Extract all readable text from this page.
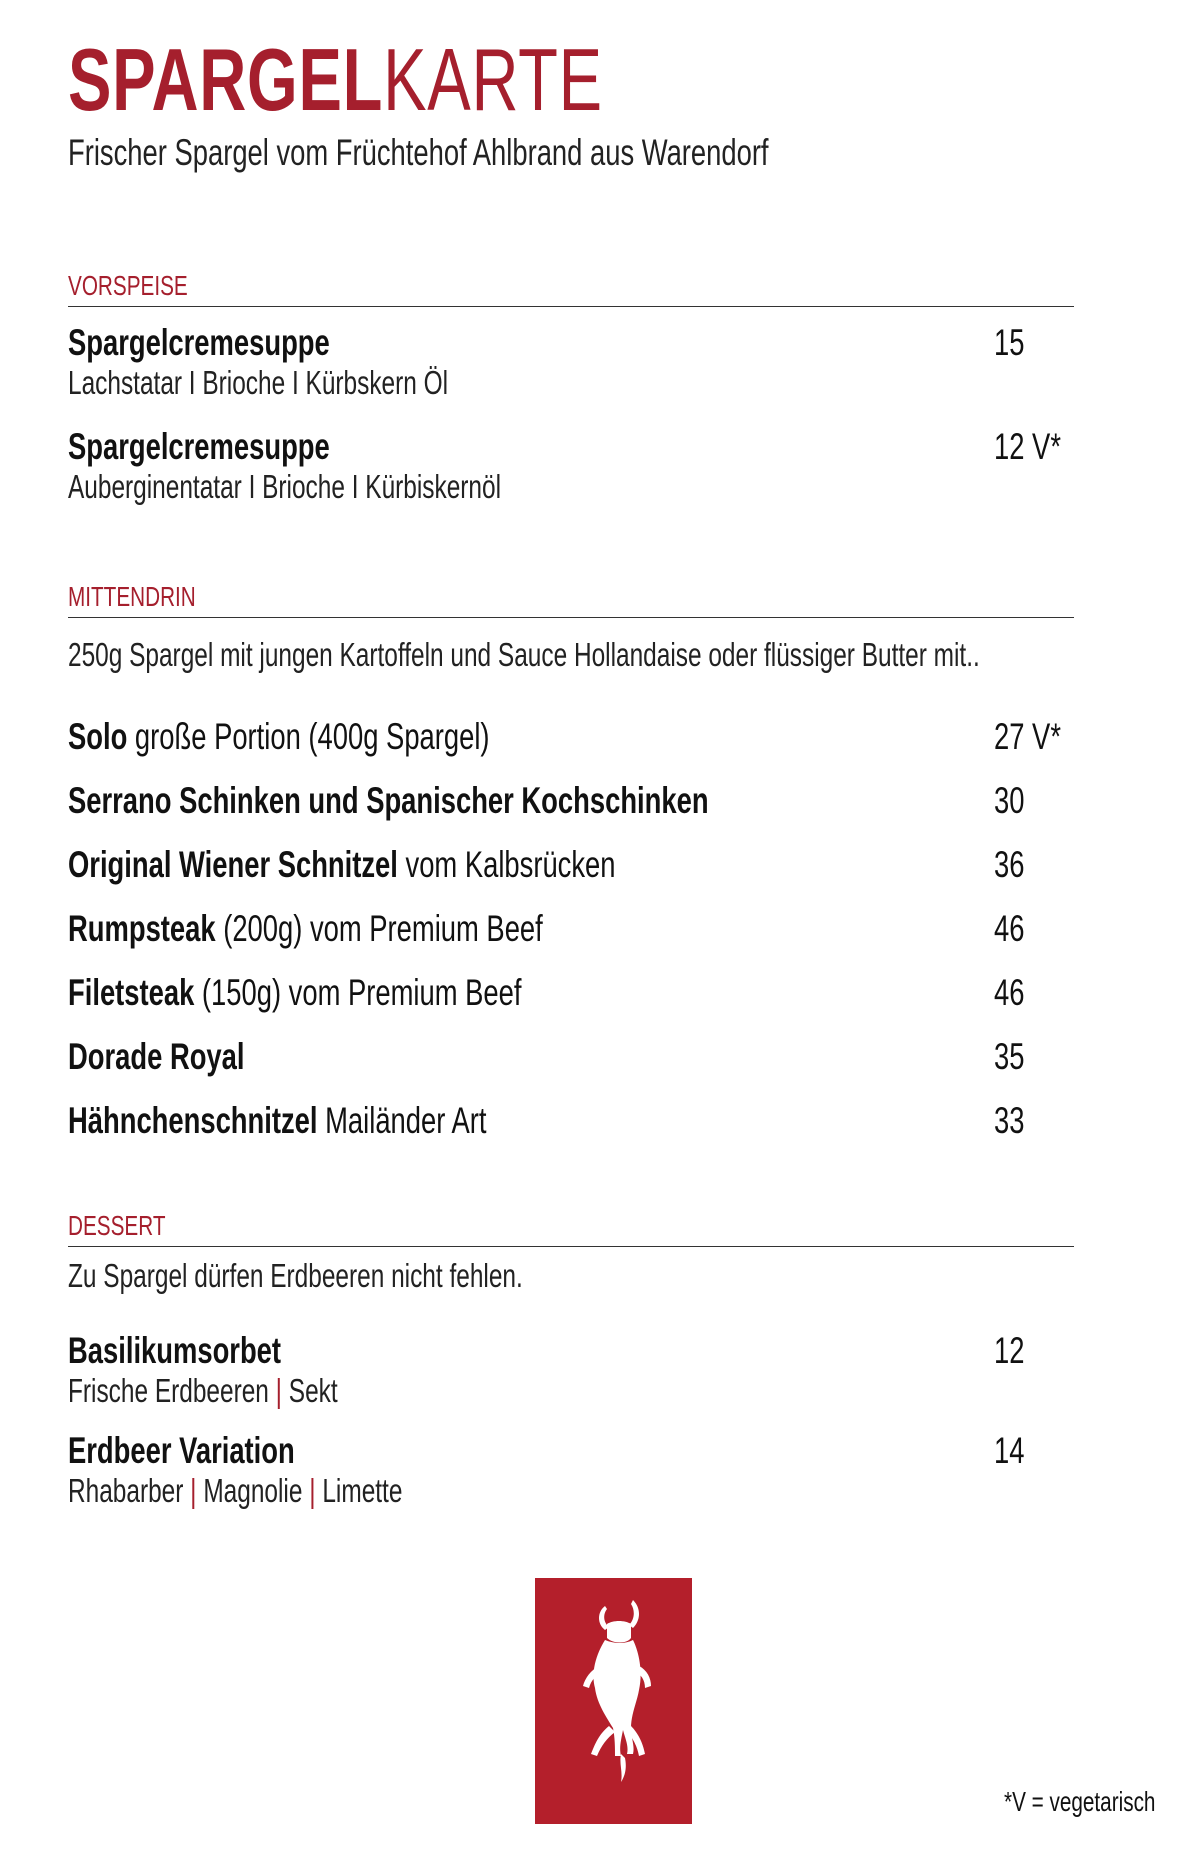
SPARGELKARTE
Frischer Spargel vom Früchtehof Ahlbrand aus Warendorf
VORSPEISE
Spargelcremesuppe	15
Lachstatar I Brioche I Kürbskern Öl
Spargelcremesuppe	12 V*
Auberginentatar I Brioche I Kürbiskernöl
MITTENDRIN
250g Spargel mit jungen Kartoffeln und Sauce Hollandaise oder flüssiger Butter mit..
Solo große Portion (400g Spargel)	27 V*
Serrano Schinken und Spanischer Kochschinken	30
Original Wiener Schnitzel vom Kalbsrücken	36
Rumpsteak (200g) vom Premium Beef	46
Filetsteak (150g) vom Premium Beef	46
Dorade Royal	35
Hähnchenschnitzel Mailänder Art	33
DESSERT
Zu Spargel dürfen Erdbeeren nicht fehlen.
Basilikumsorbet	12
Frische Erdbeeren | Sekt
Erdbeer Variation	14
Rhabarber | Magnolie | Limette
*V = vegetarisch
